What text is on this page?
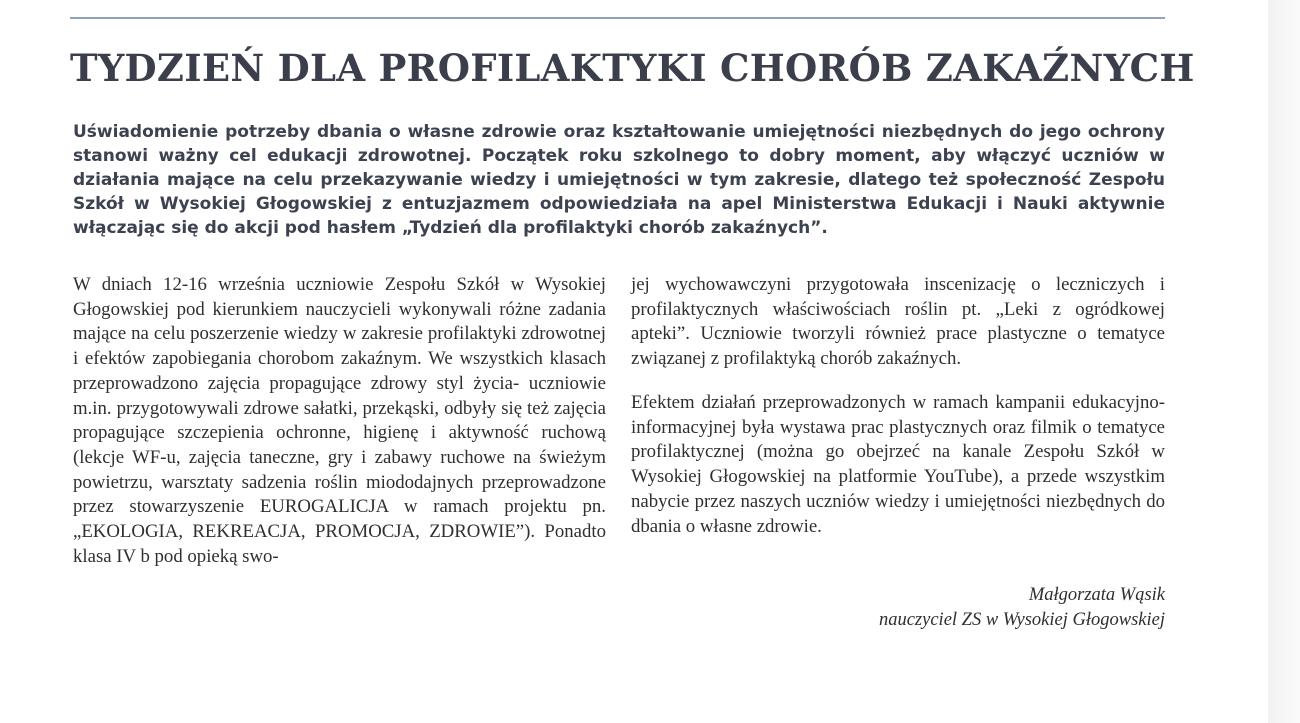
TYDZIEŃ DLA PROFILAKTYKI CHORÓB ZAKAŹNYCH

Uświadomienie potrzeby dbania o własne zdrowie oraz kształtowanie umiejętności niezbędnych do jego ochrony stanowi ważny cel edukacji zdrowotnej. Początek roku szkolnego to dobry moment, aby włączyć uczniów w działania mające na celu przekazywanie wiedzy i umiejętności w tym zakresie, dlatego też społeczność Zespołu Szkół w Wysokiej Głogowskiej z entuzjazmem odpowiedziała na apel Ministerstwa Edukacji i Nauki aktywnie włączając się do akcji pod hasłem „Tydzień dla profilaktyki chorób zakaźnych”.

W dniach 12-16 września uczniowie Zespołu Szkół w Wysokiej Głogowskiej pod kierunkiem nauczycieli wykonywali różne zadania mające na celu poszerzenie wiedzy w zakresie profilaktyki zdrowotnej i efektów zapobiegania chorobom zakaźnym. We wszystkich klasach przeprowadzono zajęcia propagujące zdrowy styl życia- uczniowie m.in. przygotowywali zdrowe sałatki, przekąski, odbyły się też zajęcia propagujące szczepienia ochronne, higienę i aktywność ruchową (lekcje WF-u, zajęcia taneczne, gry i zabawy ruchowe na świeżym powietrzu, warsztaty sadzenia roślin miododajnych przeprowadzone przez stowarzyszenie EUROGALICJA w ramach projektu pn. „EKOLOGIA, REKREACJA, PROMOCJA, ZDROWIE”). Ponadto klasa IV b pod opieką swo-

jej wychowawczyni przygotowała inscenizację o leczniczych i profilaktycznych właściwościach roślin pt. „Leki z ogródkowej apteki”. Uczniowie tworzyli również prace plastyczne o tematyce związanej z profilaktyką chorób zakaźnych.

Efektem działań przeprowadzonych w ramach kampanii edukacyjno-informacyjnej była wystawa prac plastycznych oraz filmik o tematyce profilaktycznej (można go obejrzeć na kanale Zespołu Szkół w Wysokiej Głogowskiej na platformie YouTube), a przede wszystkim nabycie przez naszych uczniów wiedzy i umiejętności niezbędnych do dbania o własne zdrowie.

Małgorzata Wąsik
nauczyciel ZS w Wysokiej Głogowskiej
